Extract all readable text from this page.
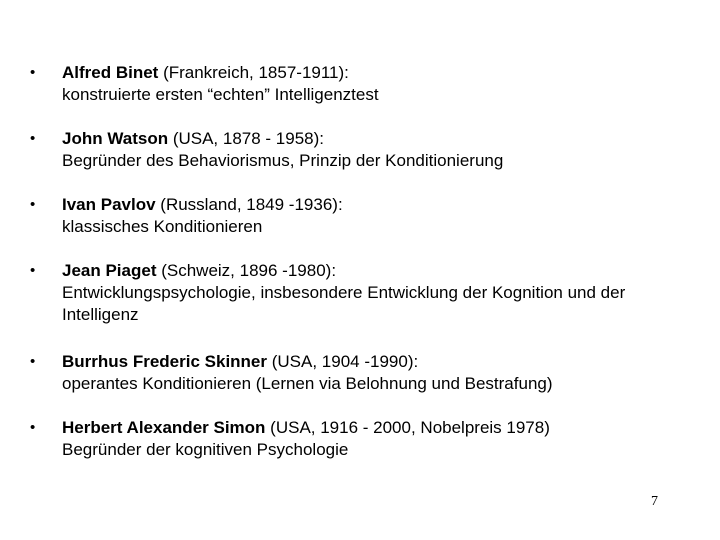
• Alfred Binet (Frankreich, 1857‑1911):
konstruierte ersten “echten” Intelligenztest
• John Watson (USA, 1878 - 1958):
Begründer des Behaviorismus, Prinzip der Konditionierung
• Ivan Pavlov (Russland, 1849 -1936):
klassisches Konditionieren
• Jean Piaget (Schweiz, 1896 -1980):
Entwicklungspsychologie, insbesondere Entwicklung der Kognition und der Intelligenz
• Burrhus Frederic Skinner (USA, 1904 -1990):
operantes Konditionieren (Lernen via Belohnung und Bestrafung)
• Herbert Alexander Simon (USA, 1916 - 2000, Nobelpreis 1978)
Begründer der kognitiven Psychologie
7
